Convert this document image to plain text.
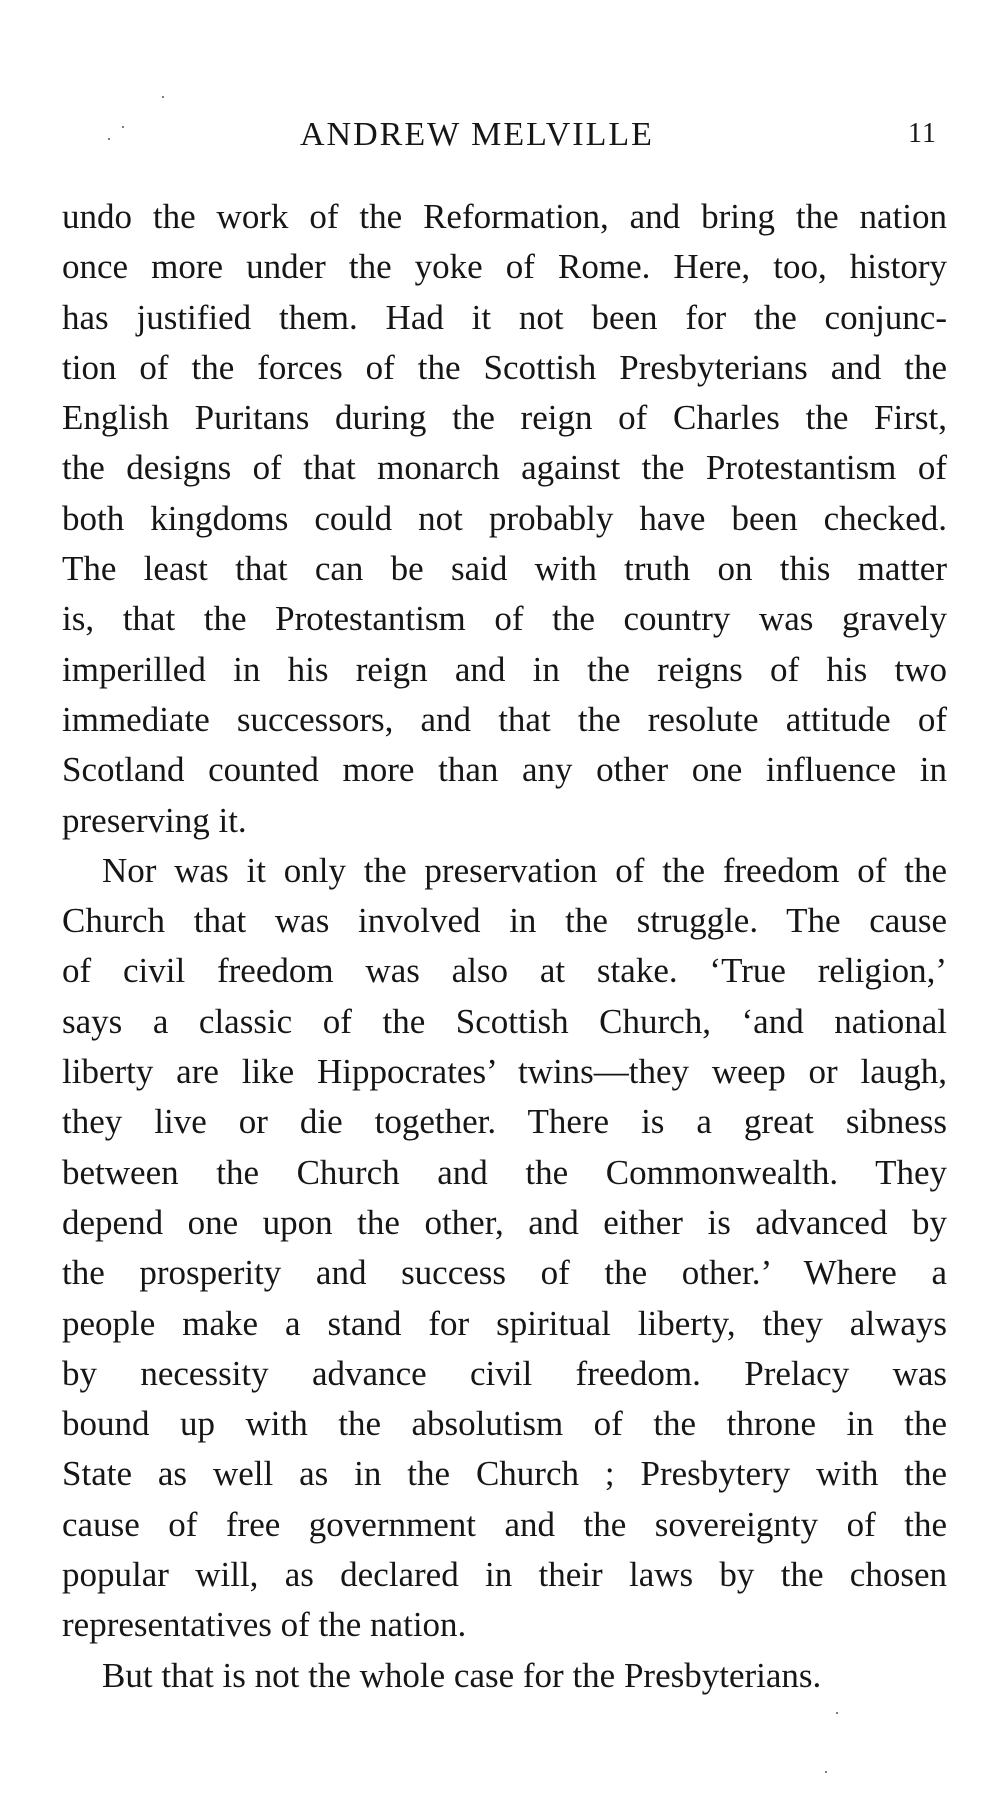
ANDREW MELVILLE	11
undo the work of the Reformation, and bring the nation
once more under the yoke of Rome. Here, too, history
has justified them. Had it not been for the conjunc-
tion of the forces of the Scottish Presbyterians and the
English Puritans during the reign of Charles the First,
the designs of that monarch against the Protestantism of
both kingdoms could not probably have been checked.
The least that can be said with truth on this matter
is, that the Protestantism of the country was gravely
imperilled in his reign and in the reigns of his two
immediate successors, and that the resolute attitude of
Scotland counted more than any other one influence in
preserving it.
Nor was it only the preservation of the freedom of the
Church that was involved in the struggle. The cause
of civil freedom was also at stake. ‘True religion,’
says a classic of the Scottish Church, ‘and national
liberty are like Hippocrates’ twins—they weep or laugh,
they live or die together. There is a great sibness
between the Church and the Commonwealth. They
depend one upon the other, and either is advanced by
the prosperity and success of the other.’ Where a
people make a stand for spiritual liberty, they always
by necessity advance civil freedom. Prelacy was
bound up with the absolutism of the throne in the
State as well as in the Church ; Presbytery with the
cause of free government and the sovereignty of the
popular will, as declared in their laws by the chosen
representatives of the nation.
But that is not the whole case for the Presbyterians.
